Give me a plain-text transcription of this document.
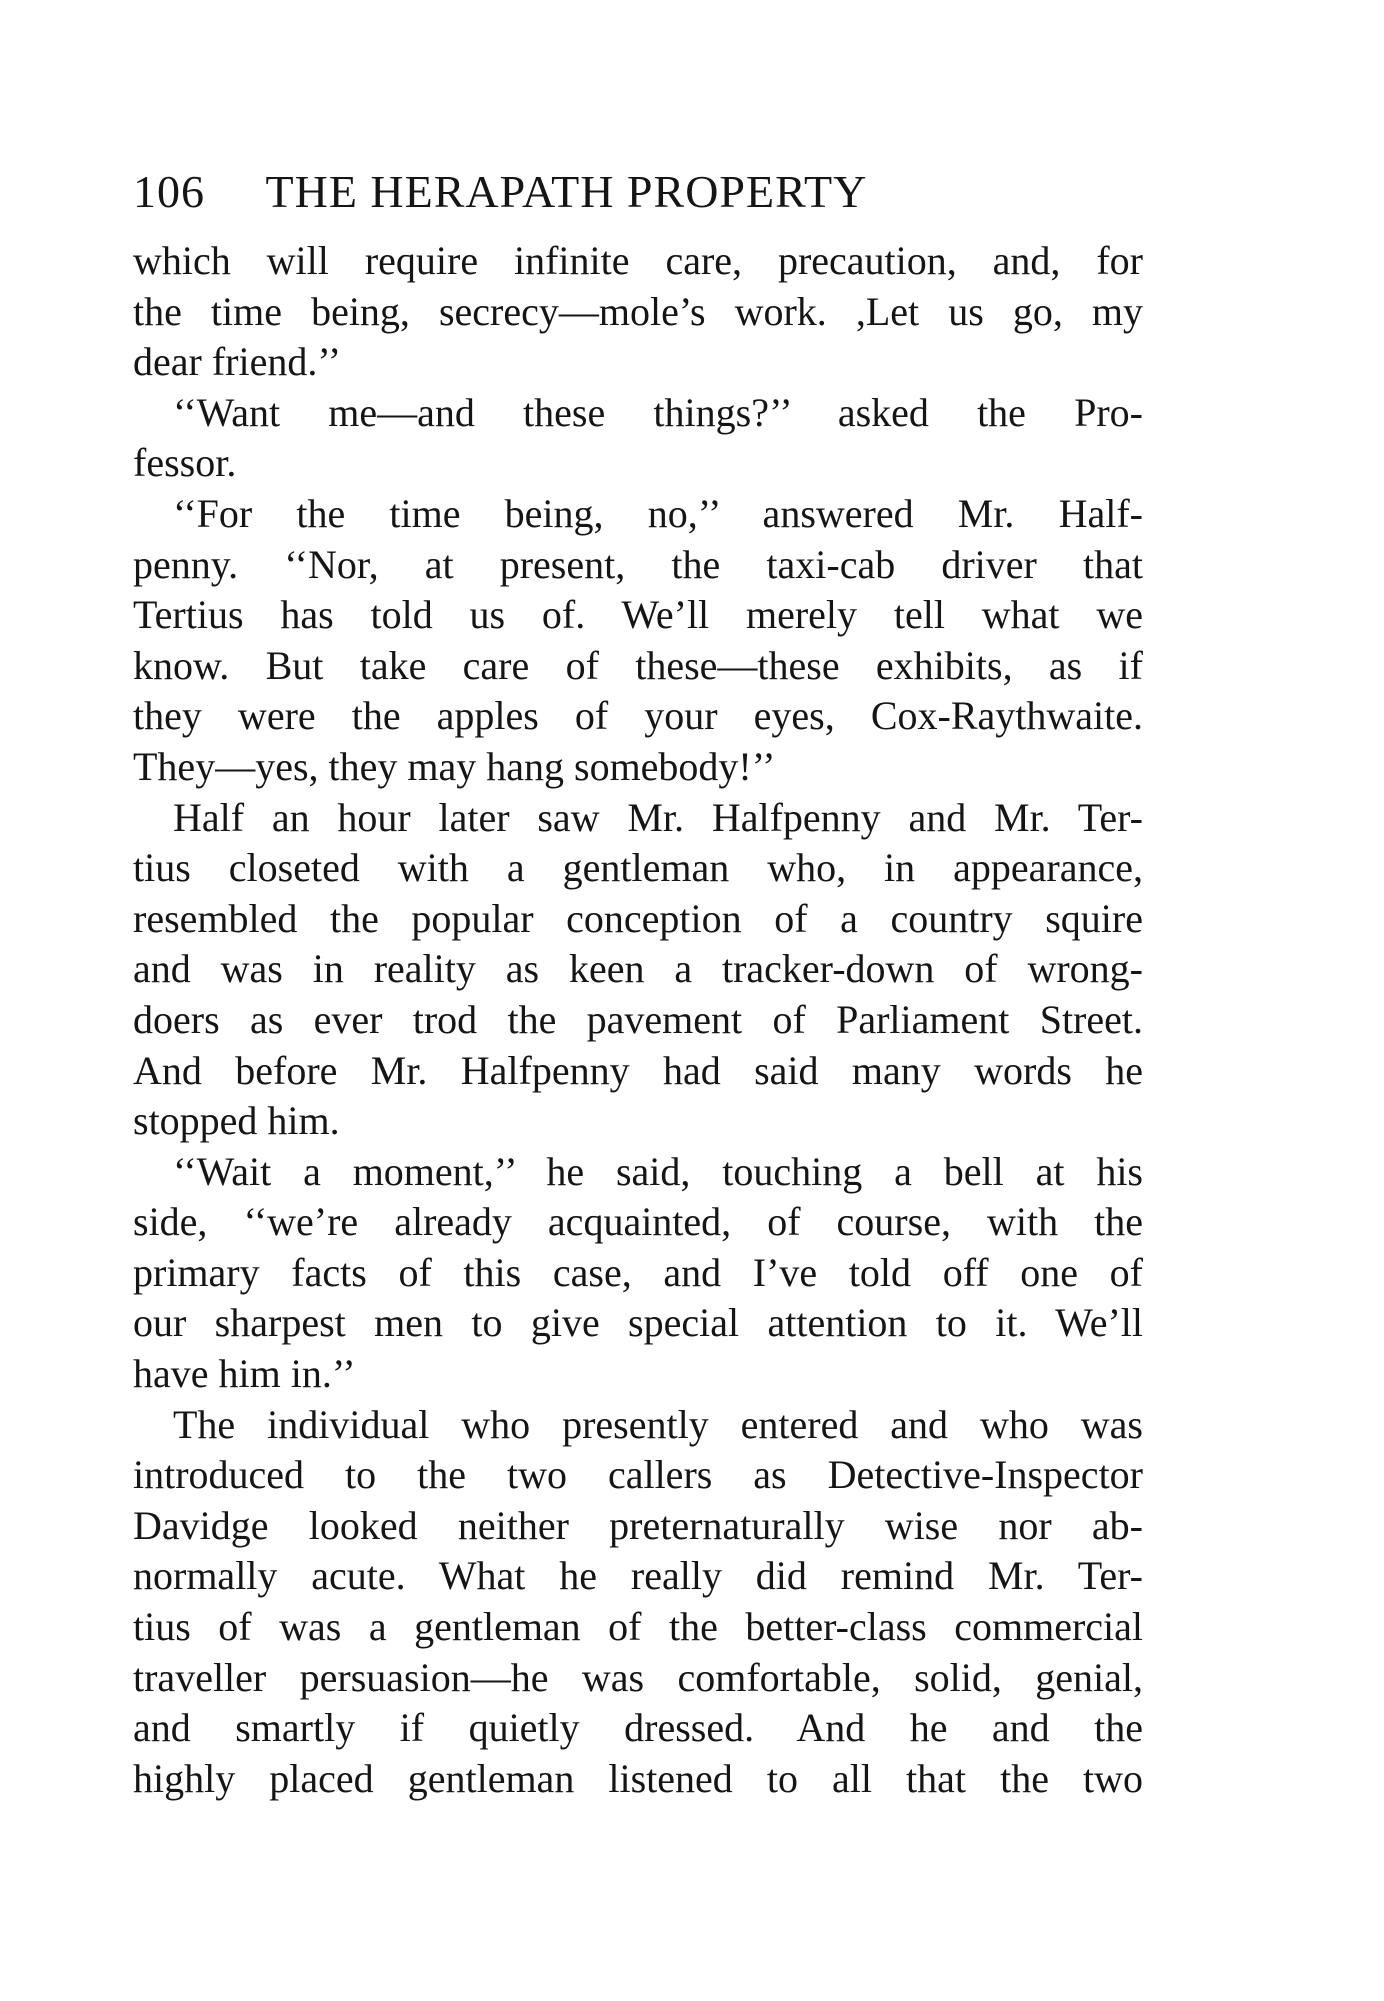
106 THE HERAPATH PROPERTY
which will require infinite care, precaution, and, for
the time being, secrecy—mole’s work. ,Let us go, my
dear friend.’’
‘‘Want me—and these things?’’ asked the Pro-
fessor.
‘‘For the time being, no,’’ answered Mr. Half-
penny. ‘‘Nor, at present, the taxi-cab driver that
Tertius has told us of. We’ll merely tell what we
know. But take care of these—these exhibits, as if
they were the apples of your eyes, Cox-Raythwaite.
They—yes, they may hang somebody!’’
Half an hour later saw Mr. Halfpenny and Mr. Ter-
tius closeted with a gentleman who, in appearance,
resembled the popular conception of a country squire
and was in reality as keen a tracker-down of wrong-
doers as ever trod the pavement of Parliament Street.
And before Mr. Halfpenny had said many words he
stopped him.
‘‘Wait a moment,’’ he said, touching a bell at his
side, ‘‘we’re already acquainted, of course, with the
primary facts of this case, and I’ve told off one of
our sharpest men to give special attention to it. We’ll
have him in.’’
The individual who presently entered and who was
introduced to the two callers as Detective-Inspector
Davidge looked neither preternaturally wise nor ab-
normally acute. What he really did remind Mr. Ter-
tius of was a gentleman of the better-class commercial
traveller persuasion—he was comfortable, solid, genial,
and smartly if quietly dressed. And he and the
highly placed gentleman listened to all that the two
